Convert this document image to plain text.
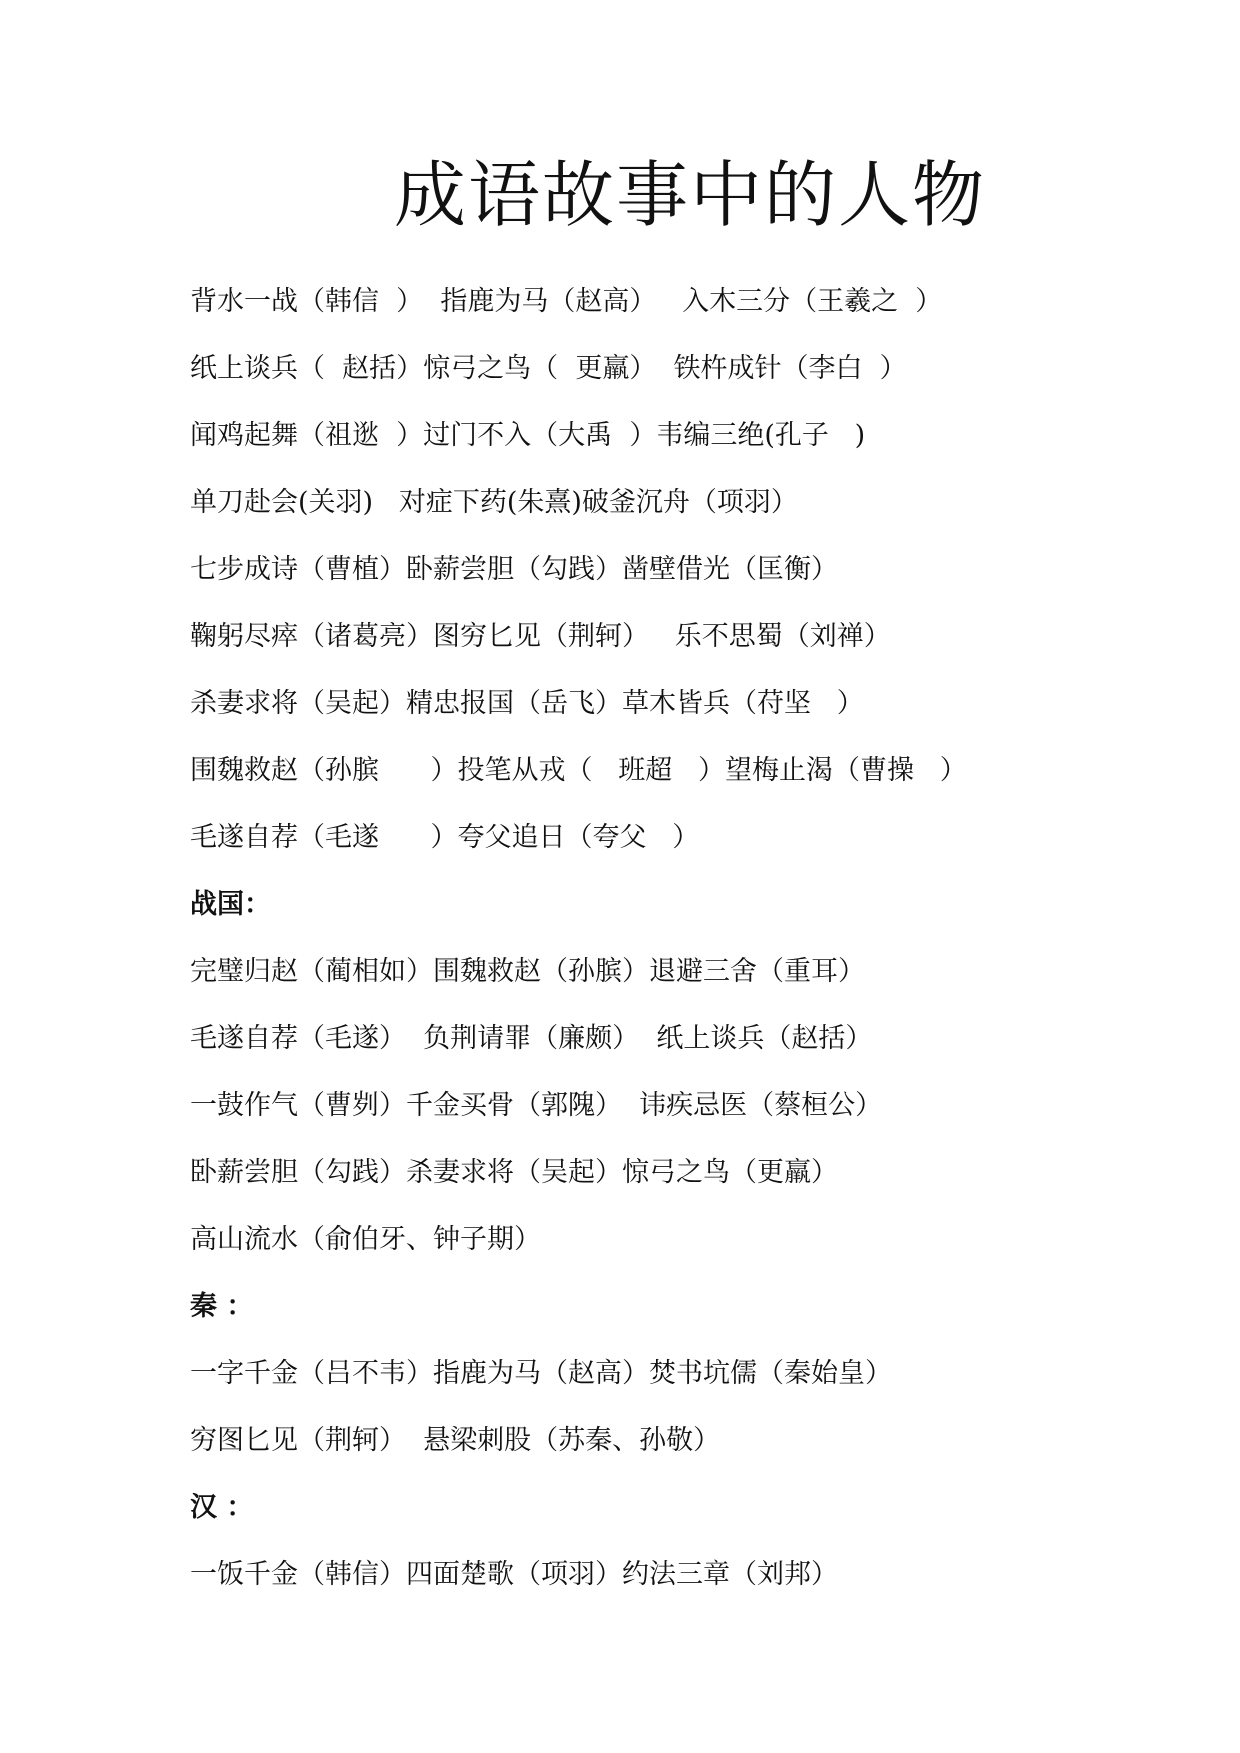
成语故事中的人物
背水一战（韩信  ）  指鹿为马（赵高）   入木三分（王羲之  ）
纸上谈兵（  赵括）惊弓之鸟（  更羸）  铁杵成针（李白  ）
闻鸡起舞（祖逖  ）过门不入（大禹  ）韦编三绝(孔子   )
单刀赴会(关羽)   对症下药(朱熹)破釜沉舟（项羽）
七步成诗（曹植）卧薪尝胆（勾践）凿壁借光（匡衡）
鞠躬尽瘁（诸葛亮）图穷匕见（荆轲）   乐不思蜀（刘禅）
杀妻求将（吴起）精忠报国（岳飞）草木皆兵（苻坚   ）
围魏救赵（孙膑      ）投笔从戎（   班超   ）望梅止渴（曹操   ）
毛遂自荐（毛遂      ）夸父追日（夸父   ）
战国：
完璧归赵（蔺相如）围魏救赵（孙膑）退避三舍（重耳）
毛遂自荐（毛遂）  负荆请罪（廉颇）  纸上谈兵（赵括）
一鼓作气（曹刿）千金买骨（郭隗）  讳疾忌医（蔡桓公）
卧薪尝胆（勾践）杀妻求将（吴起）惊弓之鸟（更羸）
高山流水（俞伯牙、钟子期）
秦 ：
一字千金（吕不韦）指鹿为马（赵高）焚书坑儒（秦始皇）
穷图匕见（荆轲）  悬梁刺股（苏秦、孙敬）
汉 ：
一饭千金（韩信）四面楚歌（项羽）约法三章（刘邦）
